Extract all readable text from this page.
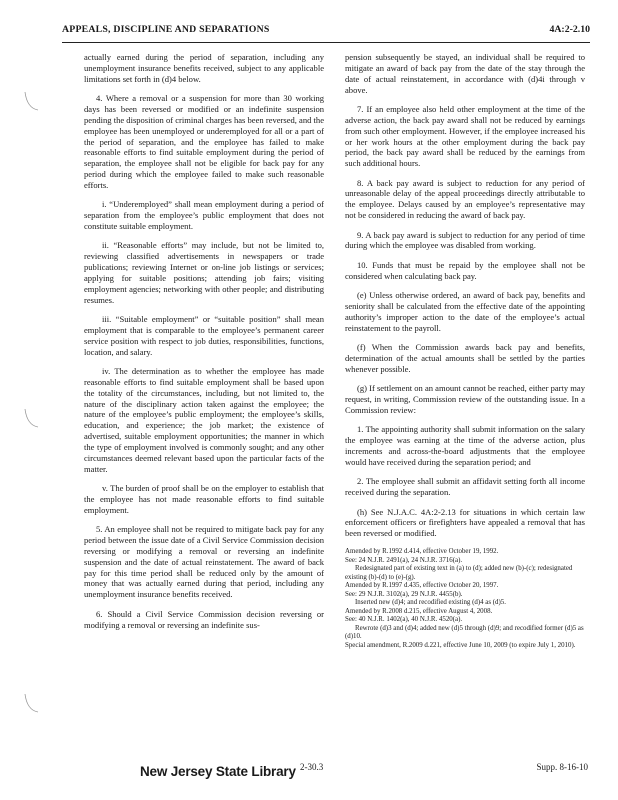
APPEALS, DISCIPLINE AND SEPARATIONS	4A:2-2.10

actually earned during the period of separation, including any unemployment insurance benefits received, subject to any applicable limitations set forth in (d)4 below.

4. Where a removal or a suspension for more than 30 working days has been reversed or modified or an indefinite suspension pending the disposition of criminal charges has been reversed, and the employee has been unemployed or underemployed for all or a part of the period of separation, and the employee has failed to make reasonable efforts to find suitable employment during the period of separation, the employee shall not be eligible for back pay for any period during which the employee failed to make such reasonable efforts.

i. “Underemployed” shall mean employment during a period of separation from the employee’s public employment that does not constitute suitable employment.

ii. “Reasonable efforts” may include, but not be limited to, reviewing classified advertisements in newspapers or trade publications; reviewing Internet or on-line job listings or services; applying for suitable positions; attending job fairs; visiting employment agencies; networking with other people; and distributing resumes.

iii. “Suitable employment” or “suitable position” shall mean employment that is comparable to the employee’s permanent career service position with respect to job duties, responsibilities, functions, location, and salary.

iv. The determination as to whether the employee has made reasonable efforts to find suitable employment shall be based upon the totality of the circumstances, including, but not limited to, the nature of the disciplinary action taken against the employee; the nature of the employee’s public employment; the employee’s skills, education, and experience; the job market; the existence of advertised, suitable employment opportunities; the manner in which the type of employment involved is commonly sought; and any other circumstances deemed relevant based upon the particular facts of the matter.

v. The burden of proof shall be on the employer to establish that the employee has not made reasonable efforts to find suitable employment.

5. An employee shall not be required to mitigate back pay for any period between the issue date of a Civil Service Commission decision reversing or modifying a removal or reversing an indefinite suspension and the date of actual reinstatement. The award of back pay for this time period shall be reduced only by the amount of money that was actually earned during that period, including any unemployment insurance benefits received.

6. Should a Civil Service Commission decision reversing or modifying a removal or reversing an indefinite sus-

pension subsequently be stayed, an individual shall be required to mitigate an award of back pay from the date of the stay through the date of actual reinstatement, in accordance with (d)4i through v above.

7. If an employee also held other employment at the time of the adverse action, the back pay award shall not be reduced by earnings from such other employment. However, if the employee increased his or her work hours at the other employment during the back pay period, the back pay award shall be reduced by the earnings from such additional hours.

8. A back pay award is subject to reduction for any period of unreasonable delay of the appeal proceedings directly attributable to the employee. Delays caused by an employee’s representative may not be considered in reducing the award of back pay.

9. A back pay award is subject to reduction for any period of time during which the employee was disabled from working.

10. Funds that must be repaid by the employee shall not be considered when calculating back pay.

(e) Unless otherwise ordered, an award of back pay, benefits and seniority shall be calculated from the effective date of the appointing authority’s improper action to the date of the employee’s actual reinstatement to the payroll.

(f) When the Commission awards back pay and benefits, determination of the actual amounts shall be settled by the parties whenever possible.

(g) If settlement on an amount cannot be reached, either party may request, in writing, Commission review of the outstanding issue. In a Commission review:

1. The appointing authority shall submit information on the salary the employee was earning at the time of the adverse action, plus increments and across-the-board adjustments that the employee would have received during the separation period; and

2. The employee shall submit an affidavit setting forth all income received during the separation.

(h) See N.J.A.C. 4A:2-2.13 for situations in which certain law enforcement officers or firefighters have appealed a removal that has been reversed or modified.

Amended by R.1992 d.414, effective October 19, 1992.
See: 24 N.J.R. 2491(a), 24 N.J.R. 3716(a).
Redesignated part of existing text in (a) to (d); added new (b)-(c); redesignated existing (b)-(d) to (e)-(g).
Amended by R.1997 d.435, effective October 20, 1997.
See: 29 N.J.R. 3102(a), 29 N.J.R. 4455(b).
Inserted new (d)4; and recodified existing (d)4 as (d)5.
Amended by R.2008 d.215, effective August 4, 2008.
See: 40 N.J.R. 1402(a), 40 N.J.R. 4520(a).
Rewrote (d)3 and (d)4; added new (d)5 through (d)9; and recodified former (d)5 as (d)10.
Special amendment, R.2009 d.221, effective June 10, 2009 (to expire July 1, 2010).
New Jersey State Library 2-30.3	Supp. 8-16-10
